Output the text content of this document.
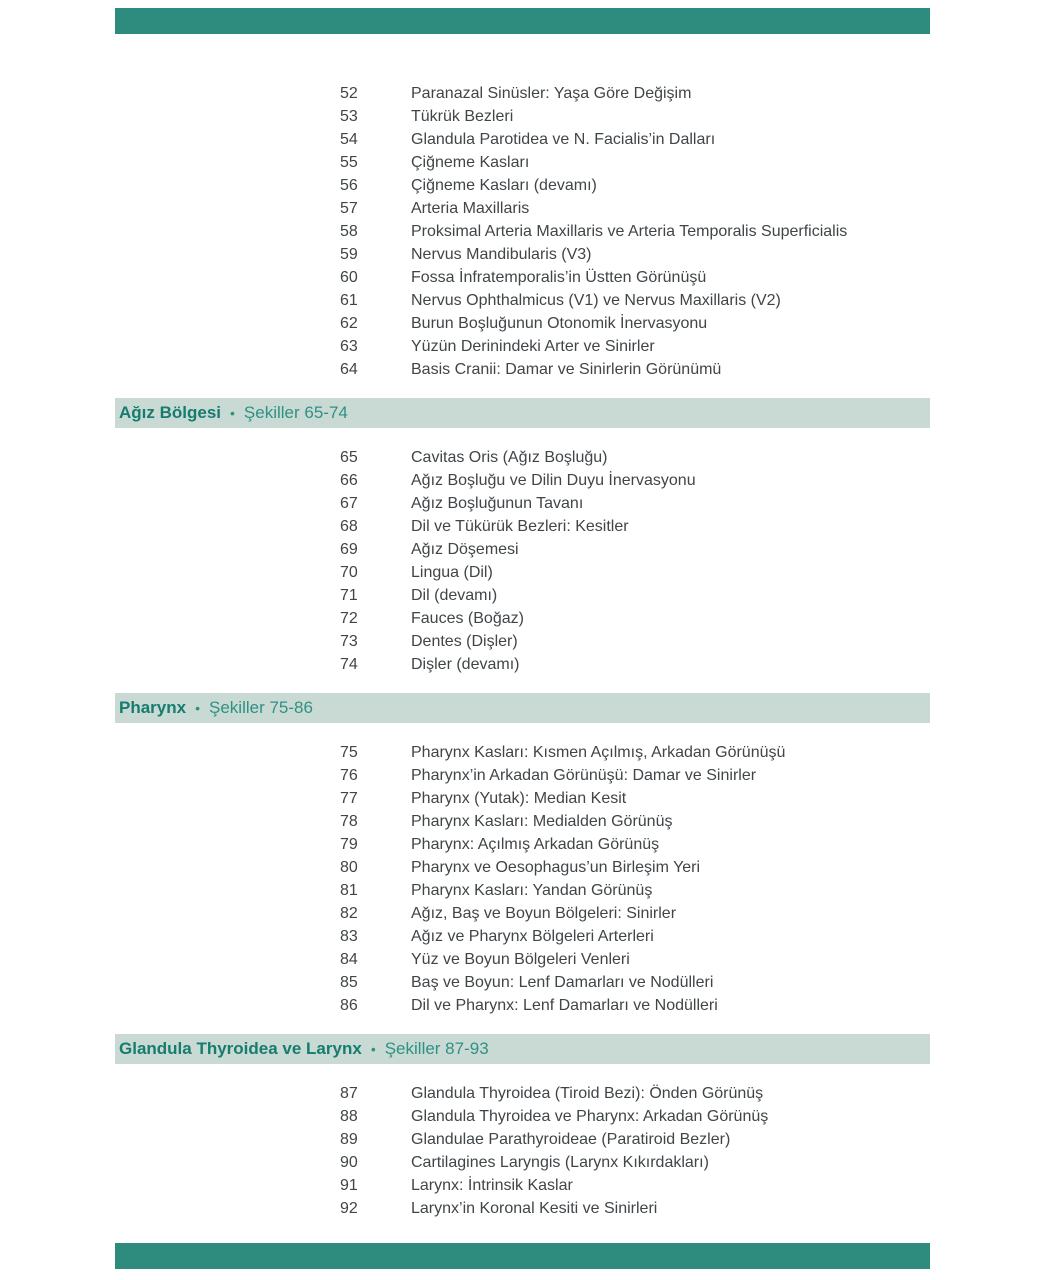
52	Paranazal Sinüsler: Yaşa Göre Değişim
53	Tükrük Bezleri
54	Glandula Parotidea ve N. Facialis’in Dalları
55	Çiğneme Kasları
56	Çiğneme Kasları (devamı)
57	Arteria Maxillaris
58	Proksimal Arteria Maxillaris ve Arteria Temporalis Superficialis
59	Nervus Mandibularis (V3)
60	Fossa İnfratemporalis’in Üstten Görünüşü
61	Nervus Ophthalmicus (V1) ve Nervus Maxillaris (V2)
62	Burun Boşluğunun Otonomik İnervasyonu
63	Yüzün Derinindeki Arter ve Sinirler
64	Basis Cranii: Damar ve Sinirlerin Görünümü
Ağız Bölgesi • Şekiller 65-74
65	Cavitas Oris (Ağız Boşluğu)
66	Ağız Boşluğu ve Dilin Duyu İnervasyonu
67	Ağız Boşluğunun Tavanı
68	Dil ve Tükürük Bezleri: Kesitler
69	Ağız Döşemesi
70	Lingua (Dil)
71	Dil (devamı)
72	Fauces (Boğaz)
73	Dentes (Dişler)
74	Dişler (devamı)
Pharynx • Şekiller 75-86
75	Pharynx Kasları: Kısmen Açılmış, Arkadan Görünüşü
76	Pharynx’in Arkadan Görünüşü: Damar ve Sinirler
77	Pharynx (Yutak): Median Kesit
78	Pharynx Kasları: Medialden Görünüş
79	Pharynx: Açılmış Arkadan Görünüş
80	Pharynx ve Oesophagus’un Birleşim Yeri
81	Pharynx Kasları: Yandan Görünüş
82	Ağız, Baş ve Boyun Bölgeleri: Sinirler
83	Ağız ve Pharynx Bölgeleri Arterleri
84	Yüz ve Boyun Bölgeleri Venleri
85	Baş ve Boyun: Lenf Damarları ve Nodülleri
86	Dil ve Pharynx: Lenf Damarları ve Nodülleri
Glandula Thyroidea ve Larynx • Şekiller 87-93
87	Glandula Thyroidea (Tiroid Bezi): Önden Görünüş
88	Glandula Thyroidea ve Pharynx: Arkadan Görünüş
89	Glandulae Parathyroideae (Paratiroid Bezler)
90	Cartilagines Laryngis (Larynx Kıkırdakları)
91	Larynx: İntrinsik Kaslar
92	Larynx’in Koronal Kesiti ve Sinirleri
